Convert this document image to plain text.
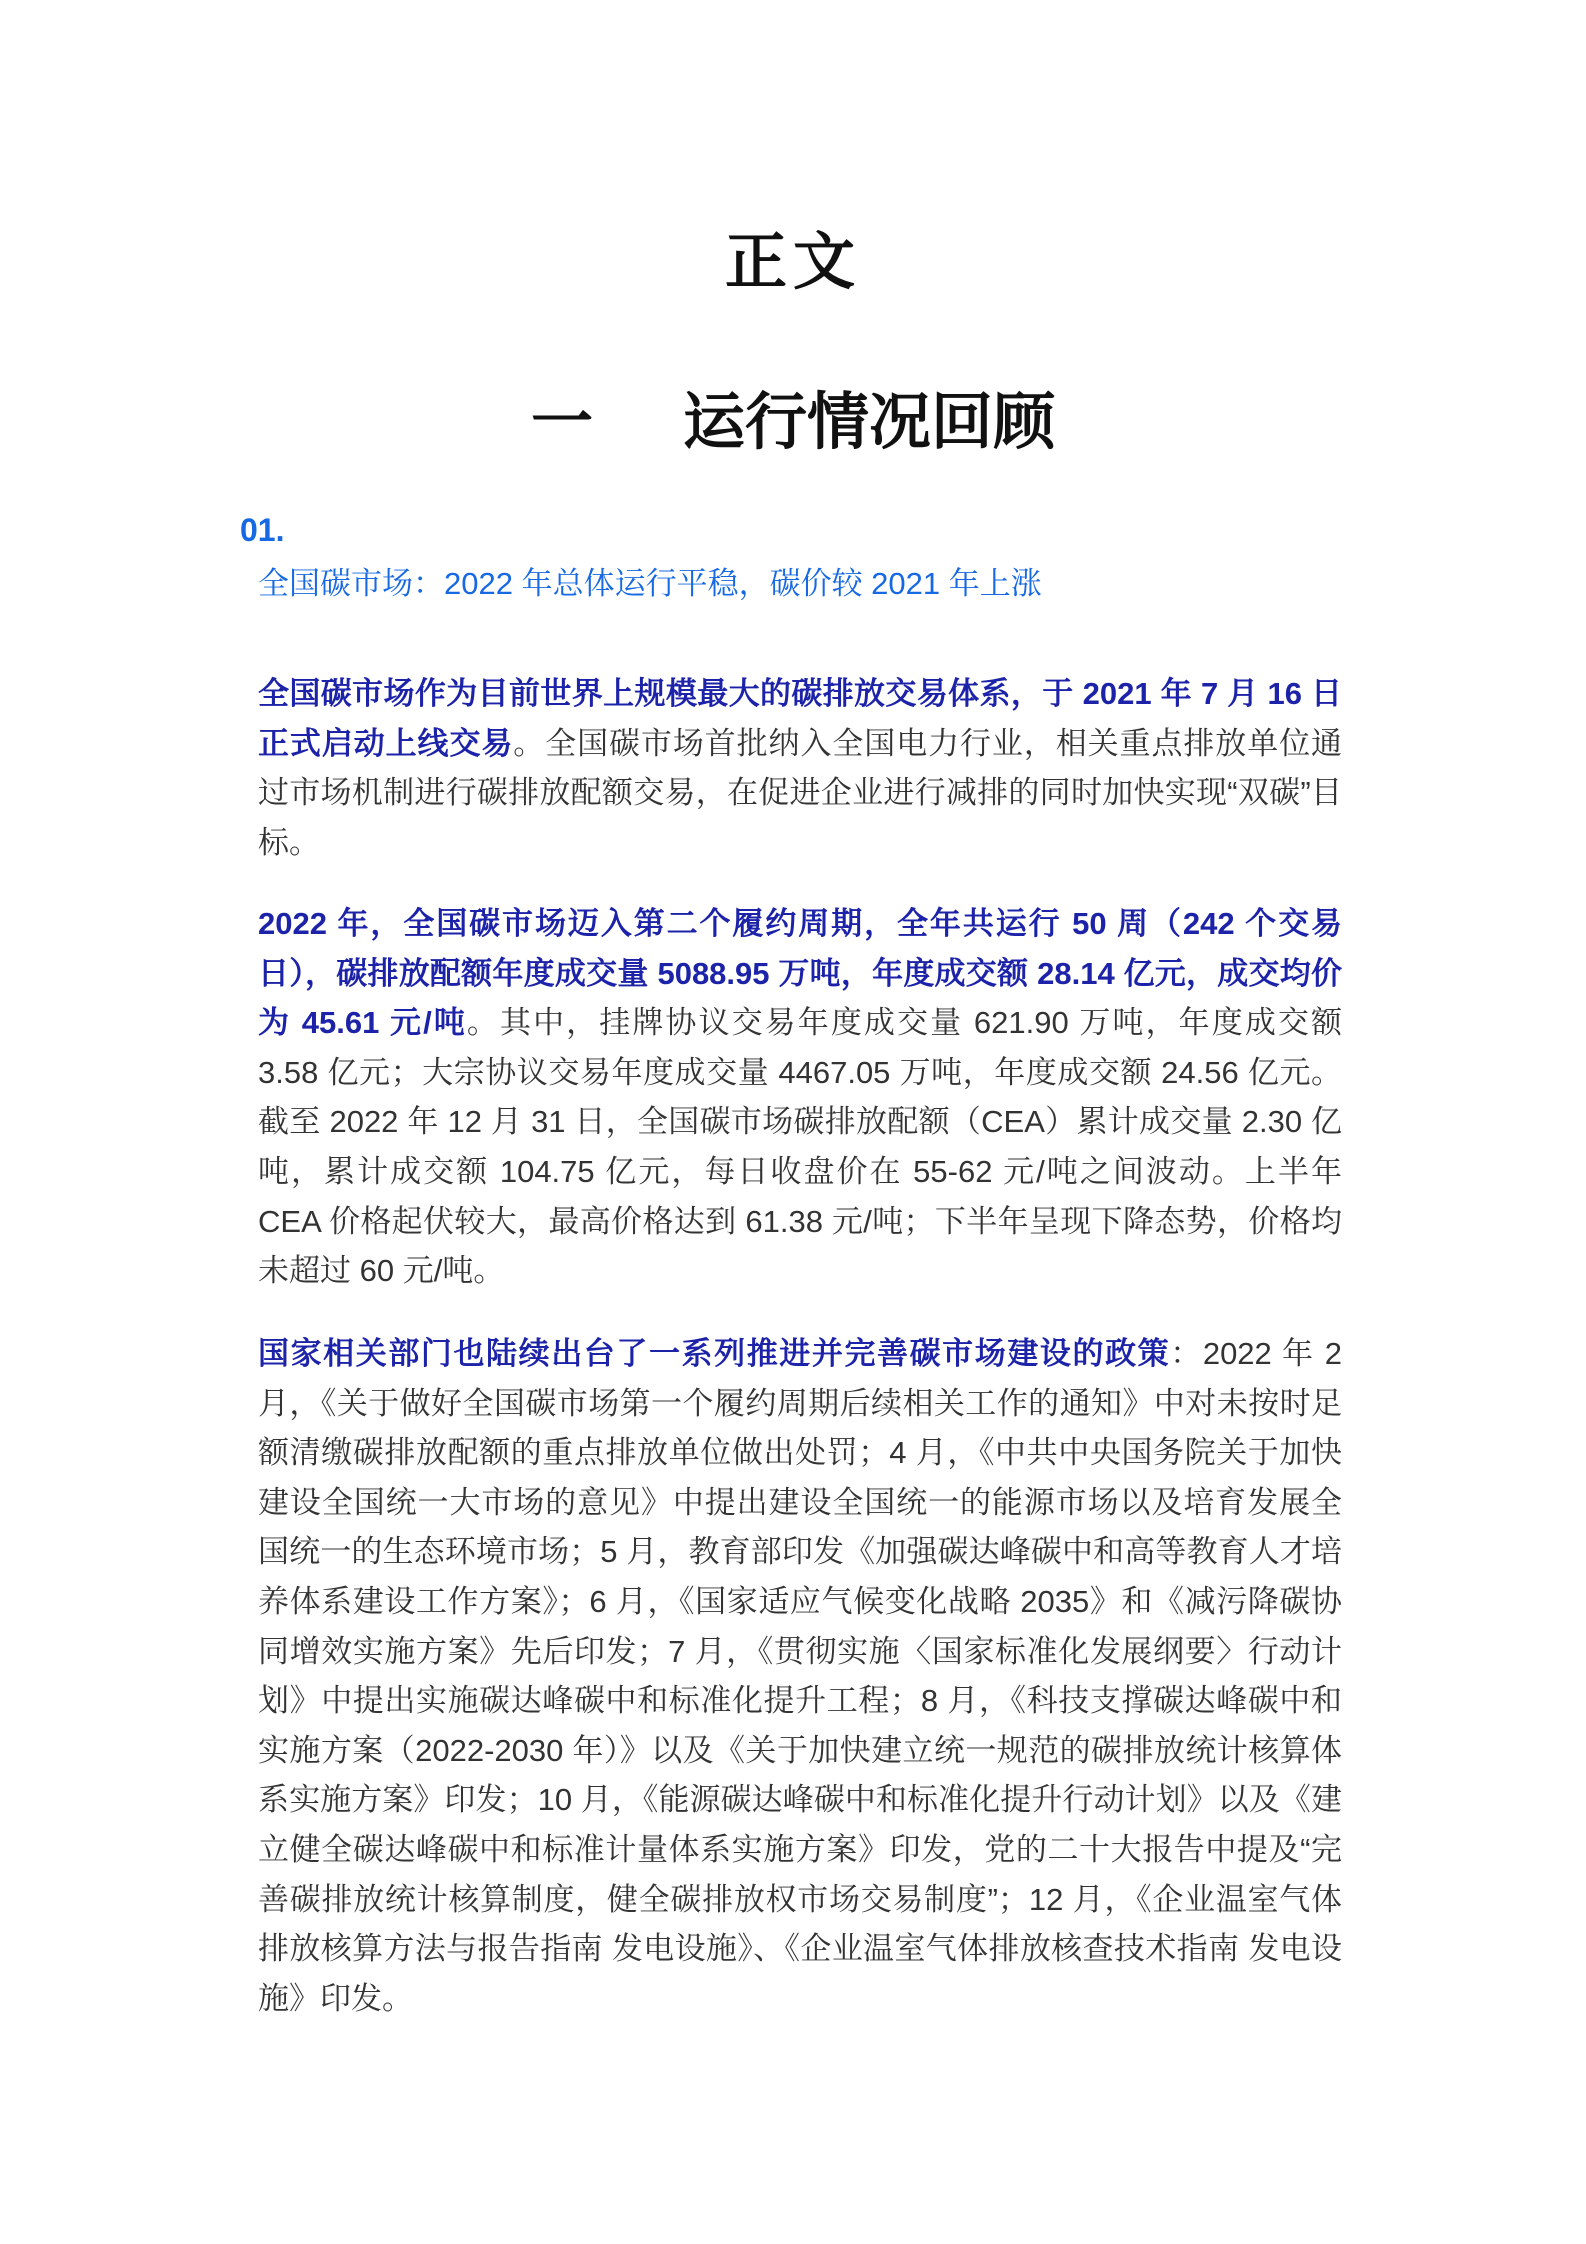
正文
一 运行情况回顾
01.
全国碳市场：2022 年总体运行平稳，碳价较 2021 年上涨

全国碳市场作为目前世界上规模最大的碳排放交易体系，于 2021 年 7 月 16 日正式启动上线交易。全国碳市场首批纳入全国电力行业，相关重点排放单位通过市场机制进行碳排放配额交易，在促进企业进行减排的同时加快实现“双碳”目标。

2022 年，全国碳市场迈入第二个履约周期，全年共运行 50 周（242 个交易日），碳排放配额年度成交量 5088.95 万吨，年度成交额 28.14 亿元，成交均价为 45.61 元/吨。其中，挂牌协议交易年度成交量 621.90 万吨，年度成交额 3.58 亿元；大宗协议交易年度成交量 4467.05 万吨，年度成交额 24.56 亿元。截至 2022 年 12 月 31 日，全国碳市场碳排放配额（CEA）累计成交量 2.30 亿吨，累计成交额 104.75 亿元，每日收盘价在 55-62 元/吨之间波动。上半年 CEA 价格起伏较大，最高价格达到 61.38 元/吨；下半年呈现下降态势，价格均未超过 60 元/吨。

国家相关部门也陆续出台了一系列推进并完善碳市场建设的政策：2022 年 2 月，《关于做好全国碳市场第一个履约周期后续相关工作的通知》中对未按时足额清缴碳排放配额的重点排放单位做出处罚；4 月，《中共中央国务院关于加快建设全国统一大市场的意见》中提出建设全国统一的能源市场以及培育发展全国统一的生态环境市场；5 月，教育部印发《加强碳达峰碳中和高等教育人才培养体系建设工作方案》；6 月，《国家适应气候变化战略 2035》和《减污降碳协同增效实施方案》先后印发；7 月，《贯彻实施〈国家标准化发展纲要〉行动计划》中提出实施碳达峰碳中和标准化提升工程；8 月，《科技支撑碳达峰碳中和实施方案（2022-2030 年）》以及《关于加快建立统一规范的碳排放统计核算体系实施方案》印发；10 月，《能源碳达峰碳中和标准化提升行动计划》以及《建立健全碳达峰碳中和标准计量体系实施方案》印发，党的二十大报告中提及“完善碳排放统计核算制度，健全碳排放权市场交易制度”；12 月，《企业温室气体排放核算方法与报告指南 发电设施》、《企业温室气体排放核查技术指南 发电设施》印发。
